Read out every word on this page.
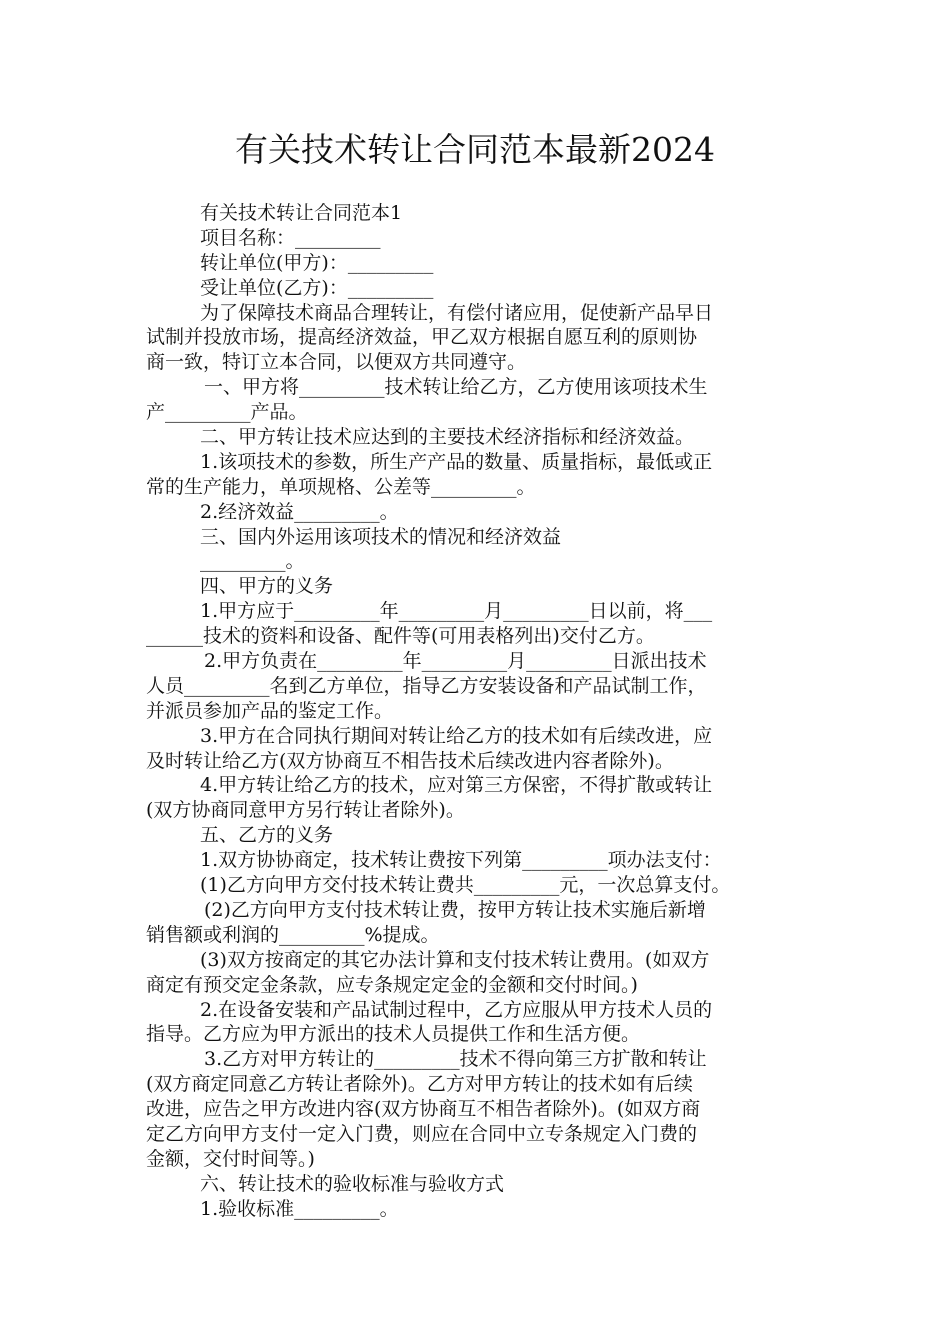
有关技术转让合同范本最新2024
有关技术转让合同范本1
项目名称：_________
转让单位(甲方)：_________
受让单位(乙方)：_________
为了保障技术商品合理转让，有偿付诸应用，促使新产品早日
试制并投放市场，提高经济效益，甲乙双方根据自愿互利的原则协
商一致，特订立本合同，以便双方共同遵守。
一、甲方将_________技术转让给乙方，乙方使用该项技术生
产_________产品。
二、甲方转让技术应达到的主要技术经济指标和经济效益。
1.该项技术的参数，所生产产品的数量、质量指标，最低或正
常的生产能力，单项规格、公差等_________。
2.经济效益_________。
三、国内外运用该项技术的情况和经济效益
_________。
四、甲方的义务
1.甲方应于_________年_________月_________日以前，将___
______技术的资料和设备、配件等(可用表格列出)交付乙方。
2.甲方负责在_________年_________月_________日派出技术
人员_________名到乙方单位，指导乙方安装设备和产品试制工作，
并派员参加产品的鉴定工作。
3.甲方在合同执行期间对转让给乙方的技术如有后续改进，应
及时转让给乙方(双方协商互不相告技术后续改进内容者除外)。
4.甲方转让给乙方的技术，应对第三方保密，不得扩散或转让
(双方协商同意甲方另行转让者除外)。
五、乙方的义务
1.双方协协商定，技术转让费按下列第_________项办法支付：
(1)乙方向甲方交付技术转让费共_________元，一次总算支付。
(2)乙方向甲方支付技术转让费，按甲方转让技术实施后新增
销售额或利润的_________%提成。
(3)双方按商定的其它办法计算和支付技术转让费用。(如双方
商定有预交定金条款，应专条规定定金的金额和交付时间。)
2.在设备安装和产品试制过程中，乙方应服从甲方技术人员的
指导。乙方应为甲方派出的技术人员提供工作和生活方便。
3.乙方对甲方转让的_________技术不得向第三方扩散和转让
(双方商定同意乙方转让者除外)。乙方对甲方转让的技术如有后续
改进，应告之甲方改进内容(双方协商互不相告者除外)。(如双方商
定乙方向甲方支付一定入门费，则应在合同中立专条规定入门费的
金额，交付时间等。)
六、转让技术的验收标准与验收方式
1.验收标准_________。
